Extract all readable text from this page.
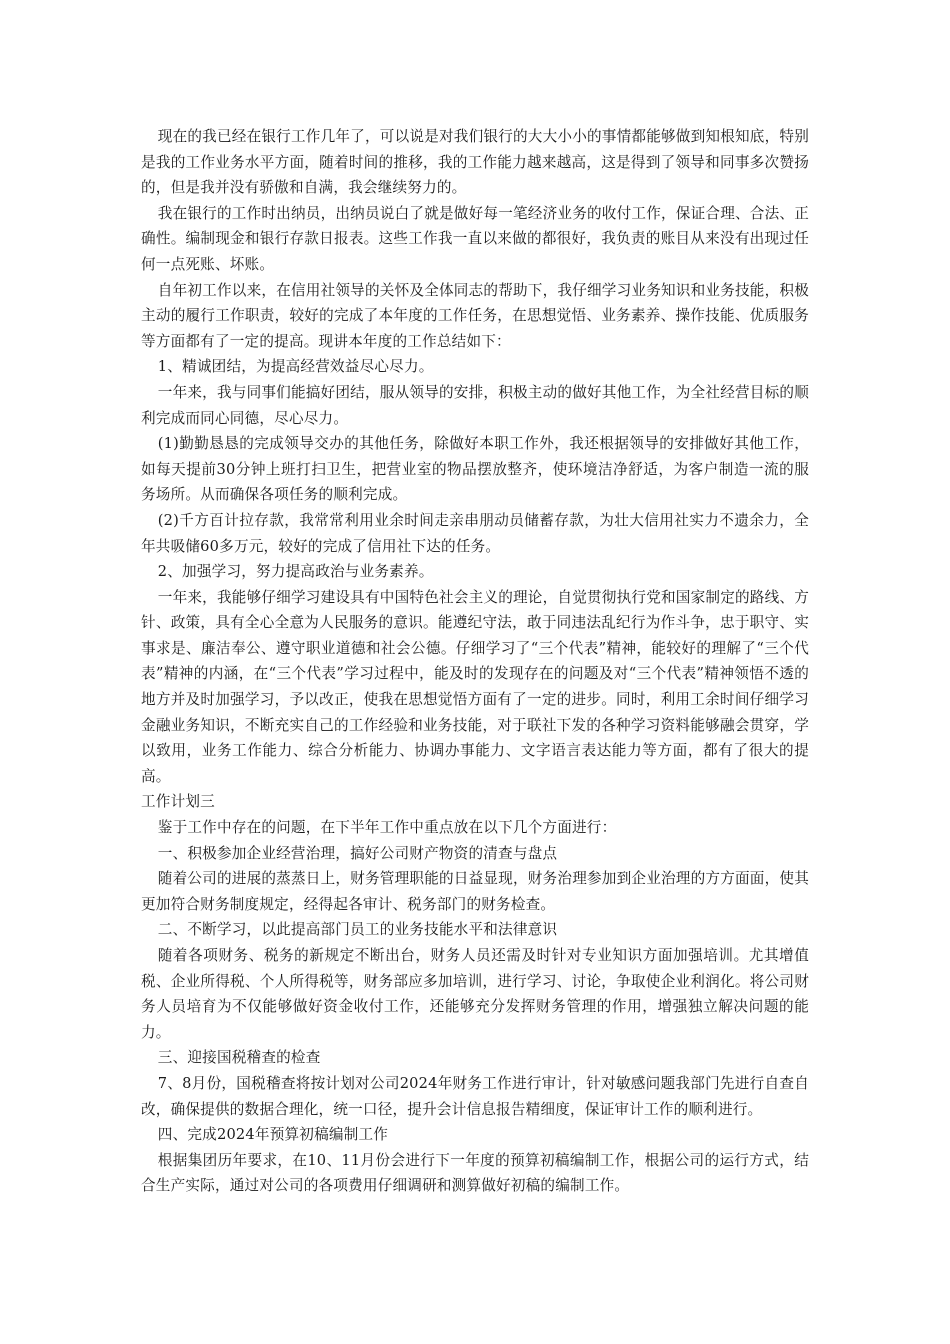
现在的我已经在银行工作几年了，可以说是对我们银行的大大小小的事情都能够做到知根知底，特别是我的工作业务水平方面，随着时间的推移，我的工作能力越来越高，这是得到了领导和同事多次赞扬的，但是我并没有骄傲和自满，我会继续努力的。

我在银行的工作时出纳员，出纳员说白了就是做好每一笔经济业务的收付工作，保证合理、合法、正确性。编制现金和银行存款日报表。这些工作我一直以来做的都很好，我负责的账目从来没有出现过任何一点死账、坏账。

自年初工作以来，在信用社领导的关怀及全体同志的帮助下，我仔细学习业务知识和业务技能，积极主动的履行工作职责，较好的完成了本年度的工作任务，在思想觉悟、业务素养、操作技能、优质服务等方面都有了一定的提高。现讲本年度的工作总结如下：

1、精诚团结，为提高经营效益尽心尽力。

一年来，我与同事们能搞好团结，服从领导的安排，积极主动的做好其他工作，为全社经营目标的顺利完成而同心同德，尽心尽力。

(1)勤勤恳恳的完成领导交办的其他任务，除做好本职工作外，我还根据领导的安排做好其他工作，如每天提前30分钟上班打扫卫生，把营业室的物品摆放整齐，使环境洁净舒适，为客户制造一流的服务场所。从而确保各项任务的顺利完成。

(2)千方百计拉存款，我常常利用业余时间走亲串朋动员储蓄存款，为壮大信用社实力不遗余力，全年共吸储60多万元，较好的完成了信用社下达的任务。

2、加强学习，努力提高政治与业务素养。

一年来，我能够仔细学习建设具有中国特色社会主义的理论，自觉贯彻执行党和国家制定的路线、方针、政策，具有全心全意为人民服务的意识。能遵纪守法，敢于同违法乱纪行为作斗争，忠于职守、实事求是、廉洁奉公、遵守职业道德和社会公德。仔细学习了“三个代表”精神，能较好的理解了“三个代表”精神的内涵，在“三个代表”学习过程中，能及时的发现存在的问题及对“三个代表”精神领悟不透的地方并及时加强学习，予以改正，使我在思想觉悟方面有了一定的进步。同时，利用工余时间仔细学习金融业务知识，不断充实自己的工作经验和业务技能，对于联社下发的各种学习资料能够融会贯穿，学以致用，业务工作能力、综合分析能力、协调办事能力、文字语言表达能力等方面，都有了很大的提高。

工作计划三

鉴于工作中存在的问题，在下半年工作中重点放在以下几个方面进行：

一、积极参加企业经营治理，搞好公司财产物资的清查与盘点

随着公司的进展的蒸蒸日上，财务管理职能的日益显现，财务治理参加到企业治理的方方面面，使其更加符合财务制度规定，经得起各审计、税务部门的财务检查。

二、不断学习，以此提高部门员工的业务技能水平和法律意识

随着各项财务、税务的新规定不断出台，财务人员还需及时针对专业知识方面加强培训。尤其增值税、企业所得税、个人所得税等，财务部应多加培训，进行学习、讨论，争取使企业利润化。将公司财务人员培育为不仅能够做好资金收付工作，还能够充分发挥财务管理的作用，增强独立解决问题的能力。

三、迎接国税稽查的检查

7、8月份，国税稽查将按计划对公司2024年财务工作进行审计，针对敏感问题我部门先进行自查自改，确保提供的数据合理化，统一口径，提升会计信息报告精细度，保证审计工作的顺利进行。

四、完成2024年预算初稿编制工作

根据集团历年要求，在10、11月份会进行下一年度的预算初稿编制工作，根据公司的运行方式，结合生产实际，通过对公司的各项费用仔细调研和测算做好初稿的编制工作。
